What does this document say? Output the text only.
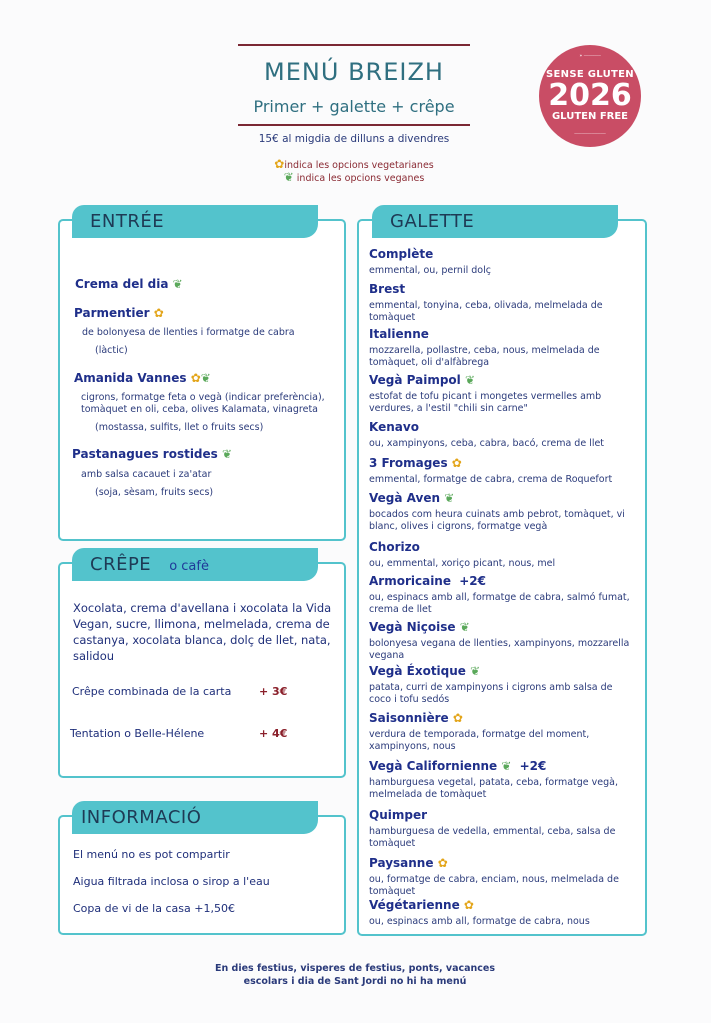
MENÚ BREIZH
Primer + galette + crêpe
15€ al migdia de dilluns a divendres
✿indica les opcions vegetarianes
❦ indica les opcions veganes
✶ ───────
SENSE GLUTEN
2026
GLUTEN FREE
─────────────
ENTRÉE
Crema del dia ❦
Parmentier ✿
de bolonyesa de llenties i formatge de cabra
(làctic)
Amanida Vannes ✿❦
cigrons, formatge feta o vegà (indicar preferència), tomàquet en oli, ceba, olives Kalamata, vinagreta
(mostassa, sulfits, llet o fruits secs)
Pastanagues rostides ❦
amb salsa cacauet i za'atar
(soja, sèsam, fruits secs)
CRÊPE o cafè
Xocolata, crema d'avellana i xocolata la Vida Vegan, sucre, llimona, melmelada, crema de castanya, xocolata blanca, dolç de llet, nata, salidou
Crêpe combinada de la carta	+ 3€
Tentation o Belle-Hélene	+ 4€
INFORMACIÓ
El menú no es pot compartir
Aigua filtrada inclosa o sirop a l'eau
Copa de vi de la casa +1,50€
GALETTE
Complète
emmental, ou, pernil dolç
Brest
emmental, tonyina, ceba, olivada, melmelada de tomàquet
Italienne
mozzarella, pollastre, ceba, nous, melmelada de tomàquet, oli d'alfàbrega
Vegà Paimpol ❦
estofat de tofu picant i mongetes vermelles amb verdures, a l'estil "chili sin carne"
Kenavo
ou, xampinyons, ceba, cabra, bacó, crema de llet
3 Fromages ✿
emmental, formatge de cabra, crema de Roquefort
Vegà Aven ❦
bocados com heura cuinats amb pebrot, tomàquet, vi blanc, olives i cigrons, formatge vegà
Chorizo
ou, emmental, xoriço picant, nous, mel
Armoricaine +2€
ou, espinacs amb all, formatge de cabra, salmó fumat, crema de llet
Vegà Niçoise ❦
bolonyesa vegana de llenties, xampinyons, mozzarella vegana
Vegà Éxotique ❦
patata, curri de xampinyons i cigrons amb salsa de coco i tofu sedós
Saisonnière ✿
verdura de temporada, formatge del moment, xampinyons, nous
Vegà Californienne ❦ +2€
hamburguesa vegetal, patata, ceba, formatge vegà, melmelada de tomàquet
Quimper
hamburguesa de vedella, emmental, ceba, salsa de tomàquet
Paysanne ✿
ou, formatge de cabra, enciam, nous, melmelada de tomàquet
Végétarienne ✿
ou, espinacs amb all, formatge de cabra, nous
En dies festius, visperes de festius, ponts, vacances
escolars i dia de Sant Jordi no hi ha menú
